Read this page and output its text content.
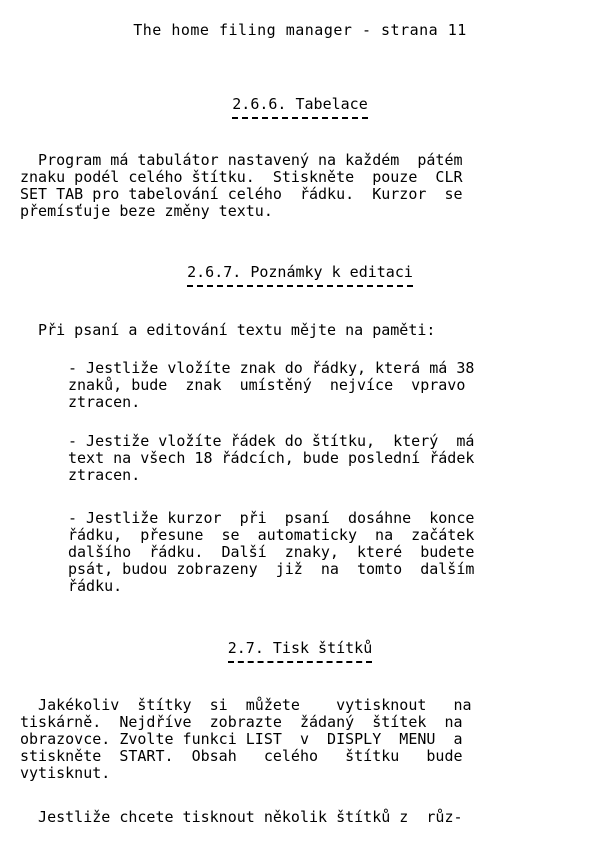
The home filing manager - strana 11
2.6.6. Tabelace

Program má tabulátor nastavený na každém  pátém
znaku podél celého štítku.  Stiskněte  pouze  CLR
SET TAB pro tabelování celého  řádku.  Kurzor  se
přemísťuje beze změny textu.

2.6.7. Poznámky k editaci

Při psaní a editování textu mějte na paměti:

- Jestliže vložíte znak do řádky, která má 38
znaků, bude  znak  umístěný  nejvíce  vpravo
ztracen.

- Jestiže vložíte řádek do štítku,  který  má
text na všech 18 řádcích, bude poslední řádek
ztracen.

- Jestliže kurzor  při  psaní  dosáhne  konce
řádku,  přesune  se  automaticky  na  začátek
dalšího  řádku.  Další  znaky,  které  budete
psát, budou zobrazeny  již  na  tomto  dalším
řádku.

2.7. Tisk štítků

Jakékoliv  štítky  si  můžete    vytisknout   na
tiskárně.  Nejdříve  zobrazte  žádaný  štítek  na
obrazovce. Zvolte funkci LIST  v  DISPLY  MENU  a
stiskněte  START.  Obsah   celého   štítku   bude
vytisknut.

Jestliže chcete tisknout několik štítků z  růz-
